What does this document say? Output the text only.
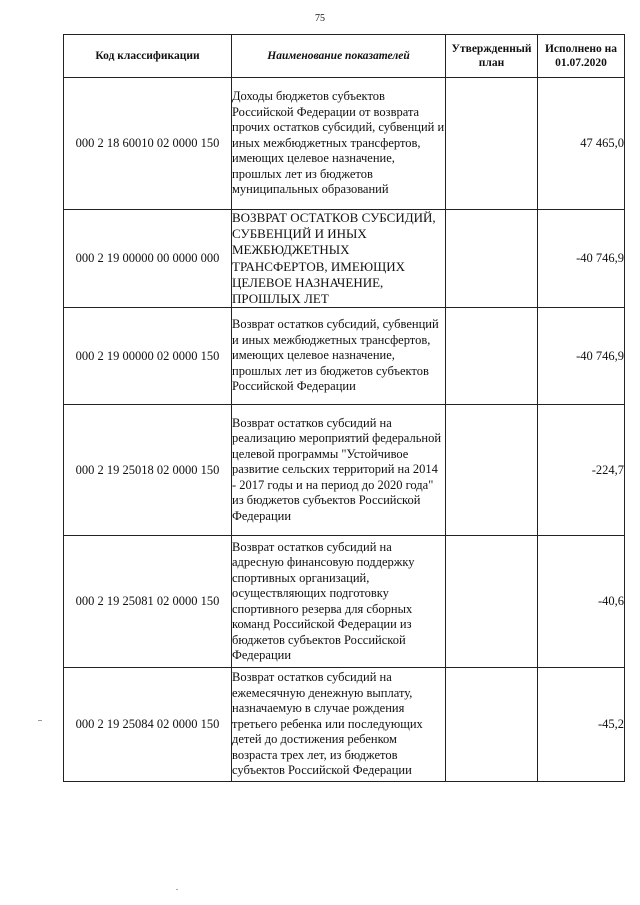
75
Код классификации	Наименование показателей	Утвержденный план	Исполнено на 01.07.2020
000 2 18 60010 02 0000 150	Доходы бюджетов субъектов Российской Федерации от возврата прочих остатков субсидий, субвенций и иных межбюджетных трансфертов, имеющих целевое назначение, прошлых лет из бюджетов муниципальных образований		47 465,0
000 2 19 00000 00 0000 000	ВОЗВРАТ ОСТАТКОВ СУБСИДИЙ, СУБВЕНЦИЙ И ИНЫХ МЕЖБЮДЖЕТНЫХ ТРАНСФЕРТОВ, ИМЕЮЩИХ ЦЕЛЕВОЕ НАЗНАЧЕНИЕ, ПРОШЛЫХ ЛЕТ		-40 746,9
000 2 19 00000 02 0000 150	Возврат остатков субсидий, субвенций и иных межбюджетных трансфертов, имеющих целевое назначение, прошлых лет из бюджетов субъектов Российской Федерации		-40 746,9
000 2 19 25018 02 0000 150	Возврат остатков субсидий на реализацию мероприятий федеральной целевой программы "Устойчивое развитие сельских территорий на 2014 - 2017 годы и на период до 2020 года" из бюджетов субъектов Российской Федерации		-224,7
000 2 19 25081 02 0000 150	Возврат остатков субсидий на адресную финансовую поддержку спортивных организаций, осуществляющих подготовку спортивного резерва для сборных команд Российской Федерации из бюджетов субъектов Российской Федерации		-40,6
000 2 19 25084 02 0000 150	Возврат остатков субсидий на ежемесячную денежную выплату, назначаемую в случае рождения третьего ребенка или последующих детей до достижения ребенком возраста трех лет, из бюджетов субъектов Российской Федерации		-45,2
